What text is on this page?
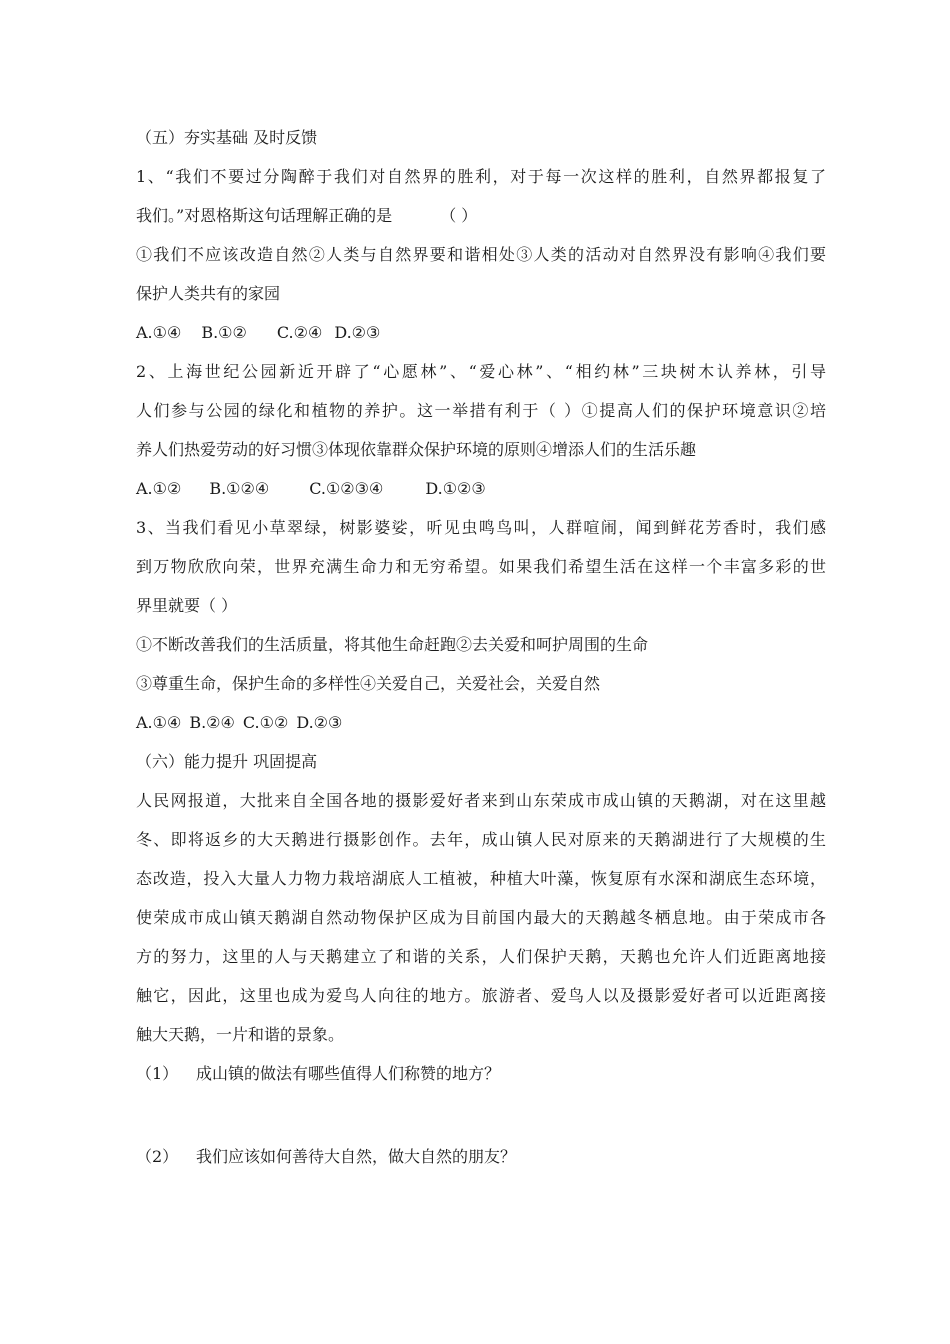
（五）夯实基础 及时反馈
1、“我们不要过分陶醉于我们对自然界的胜利，对于每一次这样的胜利，自然界都报复了
我们。”对恩格斯这句话理解正确的是	（ ）
①我们不应该改造自然②人类与自然界要和谐相处③人类的活动对自然界没有影响④我们要
保护人类共有的家园
A.①④ B.①② C.②④ D.②③
2、上海世纪公园新近开辟了“心愿林”、“爱心林”、“相约林”三块树木认养林，引导
人们参与公园的绿化和植物的养护。这一举措有利于（ ）①提高人们的保护环境意识②培
养人们热爱劳动的好习惯③体现依靠群众保护环境的原则④增添人们的生活乐趣
A.①② B.①②④	C.①②③④	D.①②③
3、当我们看见小草翠绿，树影婆娑，听见虫鸣鸟叫，人群喧闹，闻到鲜花芳香时，我们感
到万物欣欣向荣，世界充满生命力和无穷希望。如果我们希望生活在这样一个丰富多彩的世
界里就要（ ）
①不断改善我们的生活质量，将其他生命赶跑②去关爱和呵护周围的生命
③尊重生命，保护生命的多样性④关爱自己，关爱社会，关爱自然
A.①④ B.②④ C.①② D.②③
（六）能力提升 巩固提高
人民网报道，大批来自全国各地的摄影爱好者来到山东荣成市成山镇的天鹅湖，对在这里越
冬、即将返乡的大天鹅进行摄影创作。去年，成山镇人民对原来的天鹅湖进行了大规模的生
态改造，投入大量人力物力栽培湖底人工植被，种植大叶藻，恢复原有水深和湖底生态环境，
使荣成市成山镇天鹅湖自然动物保护区成为目前国内最大的天鹅越冬栖息地。由于荣成市各
方的努力，这里的人与天鹅建立了和谐的关系，人们保护天鹅，天鹅也允许人们近距离地接
触它，因此，这里也成为爱鸟人向往的地方。旅游者、爱鸟人以及摄影爱好者可以近距离接
触大天鹅，一片和谐的景象。
（1） 成山镇的做法有哪些值得人们称赞的地方？
（2） 我们应该如何善待大自然，做大自然的朋友？
